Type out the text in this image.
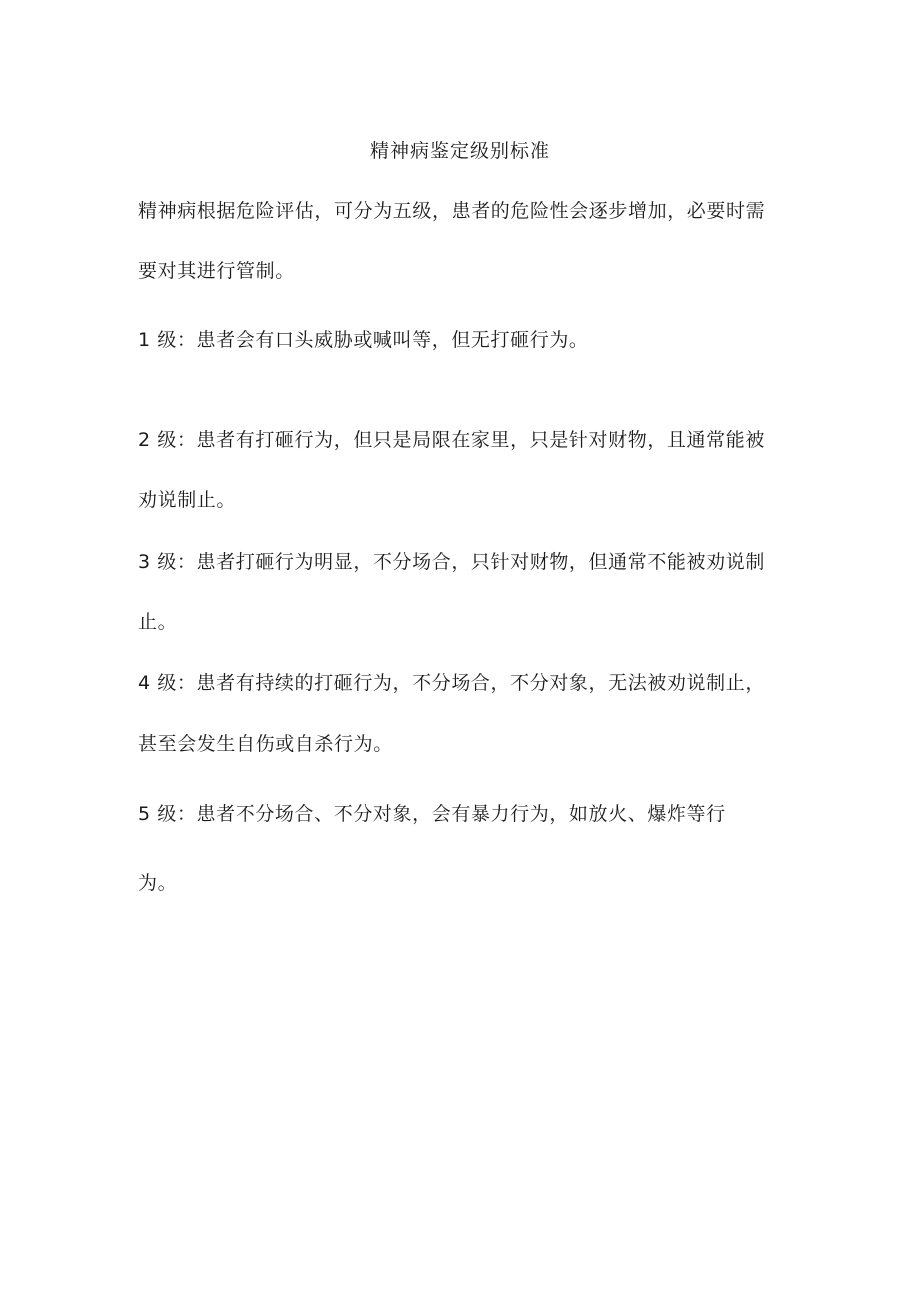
精神病鉴定级别标准
精神病根据危险评估，可分为五级，患者的危险性会逐步增加，必要时需
要对其进行管制。
1 级：患者会有口头威胁或喊叫等，但无打砸行为。
2 级：患者有打砸行为，但只是局限在家里，只是针对财物，且通常能被
劝说制止。
3 级：患者打砸行为明显，不分场合，只针对财物，但通常不能被劝说制
止。
4 级：患者有持续的打砸行为，不分场合，不分对象，无法被劝说制止，
甚至会发生自伤或自杀行为。
5 级：患者不分场合、不分对象，会有暴力行为，如放火、爆炸等行
为。
